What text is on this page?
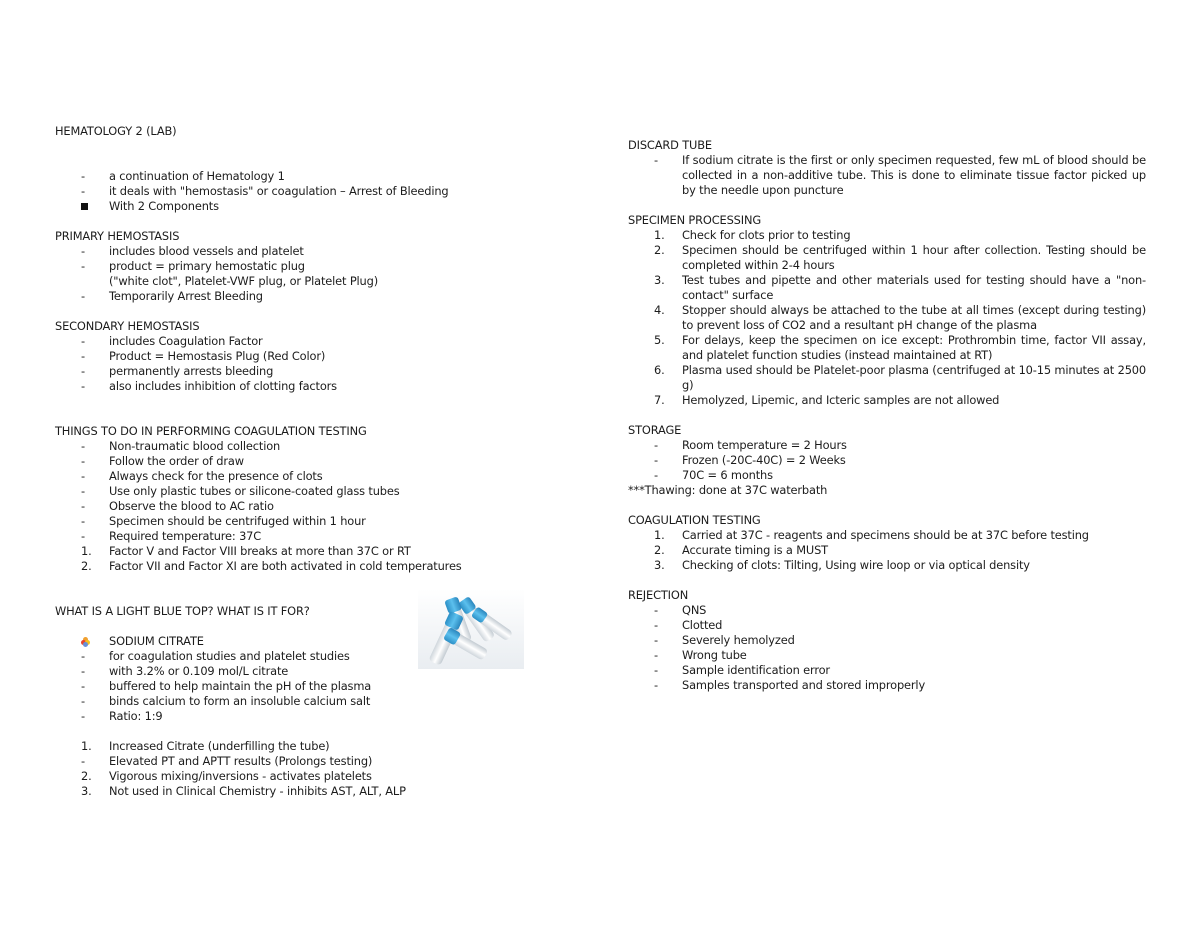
HEMATOLOGY 2 (LAB)

-	a continuation of Hematology 1
-	it deals with "hemostasis" or coagulation – Arrest of Bleeding
With 2 Components

PRIMARY HEMOSTASIS

-	includes blood vessels and platelet
-	product = primary hemostatic plug
("white clot", Platelet-VWF plug, or Platelet Plug)
-	Temporarily Arrest Bleeding

SECONDARY HEMOSTASIS

-	includes Coagulation Factor
-	Product = Hemostasis Plug (Red Color)
-	permanently arrests bleeding
-	also includes inhibition of clotting factors

THINGS TO DO IN PERFORMING COAGULATION TESTING

-	Non-traumatic blood collection
-	Follow the order of draw
-	Always check for the presence of clots
-	Use only plastic tubes or silicone-coated glass tubes
-	Observe the blood to AC ratio
-	Specimen should be centrifuged within 1 hour
-	Required temperature: 37C
1.	Factor V and Factor VIII breaks at more than 37C or RT
2.	Factor VII and Factor XI are both activated in cold temperatures

WHAT IS A LIGHT BLUE TOP? WHAT IS IT FOR?

SODIUM CITRATE
-	for coagulation studies and platelet studies
-	with 3.2% or 0.109 mol/L citrate
-	buffered to help maintain the pH of the plasma
-	binds calcium to form an insoluble calcium salt
-	Ratio: 1:9
1.	Increased Citrate (underfilling the tube)
-	Elevated PT and APTT results (Prolongs testing)
2.	Vigorous mixing/inversions - activates platelets
3.	Not used in Clinical Chemistry - inhibits AST, ALT, ALP

DISCARD TUBE

-	If sodium citrate is the first or only specimen requested, few mL of blood should be collected in a non-additive tube. This is done to eliminate tissue factor picked up by the needle upon puncture

SPECIMEN PROCESSING

1.	Check for clots prior to testing
2.	Specimen should be centrifuged within 1 hour after collection. Testing should be completed within 2-4 hours
3.	Test tubes and pipette and other materials used for testing should have a "non-contact" surface
4.	Stopper should always be attached to the tube at all times (except during testing) to prevent loss of CO2 and a resultant pH change of the plasma
5.	For delays, keep the specimen on ice except: Prothrombin time, factor VII assay, and platelet function studies (instead maintained at RT)
6.	Plasma used should be Platelet-poor plasma (centrifuged at 10-15 minutes at 2500 g)
7.	Hemolyzed, Lipemic, and Icteric samples are not allowed

STORAGE

-	Room temperature = 2 Hours
-	Frozen (-20C-40C) = 2 Weeks
-	70C = 6 months

***Thawing: done at 37C waterbath

COAGULATION TESTING

1.	Carried at 37C - reagents and specimens should be at 37C before testing
2.	Accurate timing is a MUST
3.	Checking of clots: Tilting, Using wire loop or via optical density

REJECTION

-	QNS
-	Clotted
-	Severely hemolyzed
-	Wrong tube
-	Sample identification error
-	Samples transported and stored improperly
